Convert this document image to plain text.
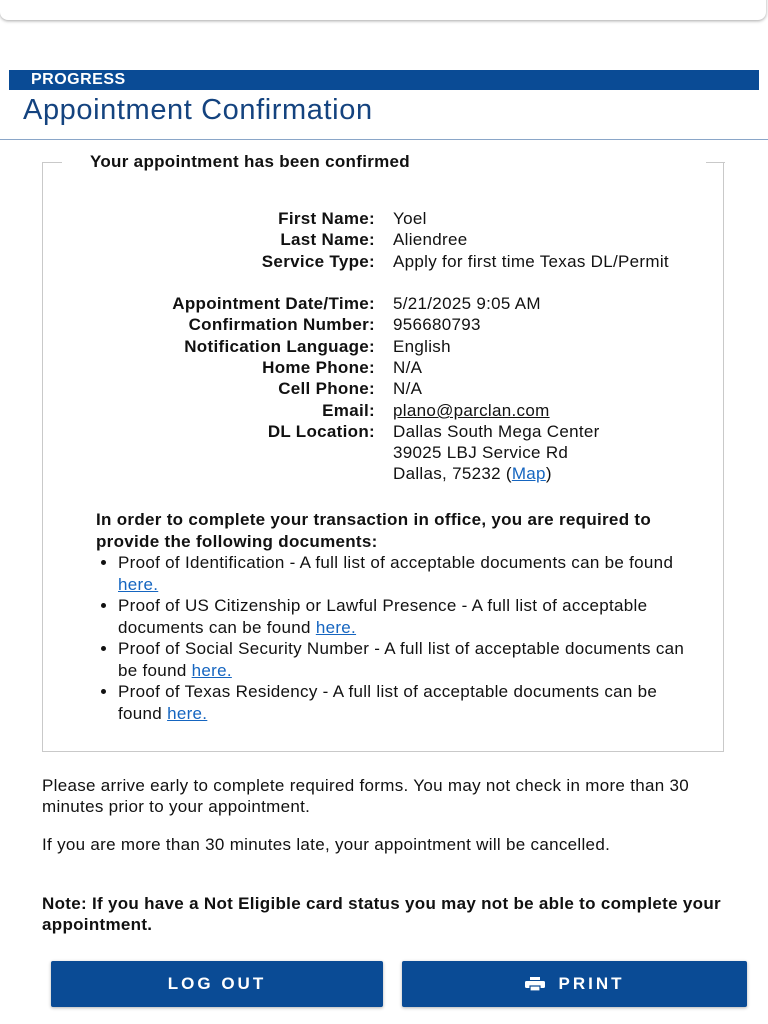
PROGRESS
Appointment Confirmation
Your appointment has been confirmed
First Name: Yoel
Last Name: Aliendree
Service Type: Apply for first time Texas DL/Permit
Appointment Date/Time: 5/21/2025 9:05 AM
Confirmation Number: 956680793
Notification Language: English
Home Phone: N/A
Cell Phone: N/A
Email: plano@parclan.com
DL Location: Dallas South Mega Center
39025 LBJ Service Rd
Dallas, 75232 (Map)

In order to complete your transaction in office, you are required to provide the following documents:

• Proof of Identification - A full list of acceptable documents can be found here.
• Proof of US Citizenship or Lawful Presence - A full list of acceptable documents can be found here.
• Proof of Social Security Number - A full list of acceptable documents can be found here.
• Proof of Texas Residency - A full list of acceptable documents can be found here.

Please arrive early to complete required forms. You may not check in more than 30 minutes prior to your appointment.

If you are more than 30 minutes late, your appointment will be cancelled.

Note: If you have a Not Eligible card status you may not be able to complete your appointment.

LOG OUT	PRINT
